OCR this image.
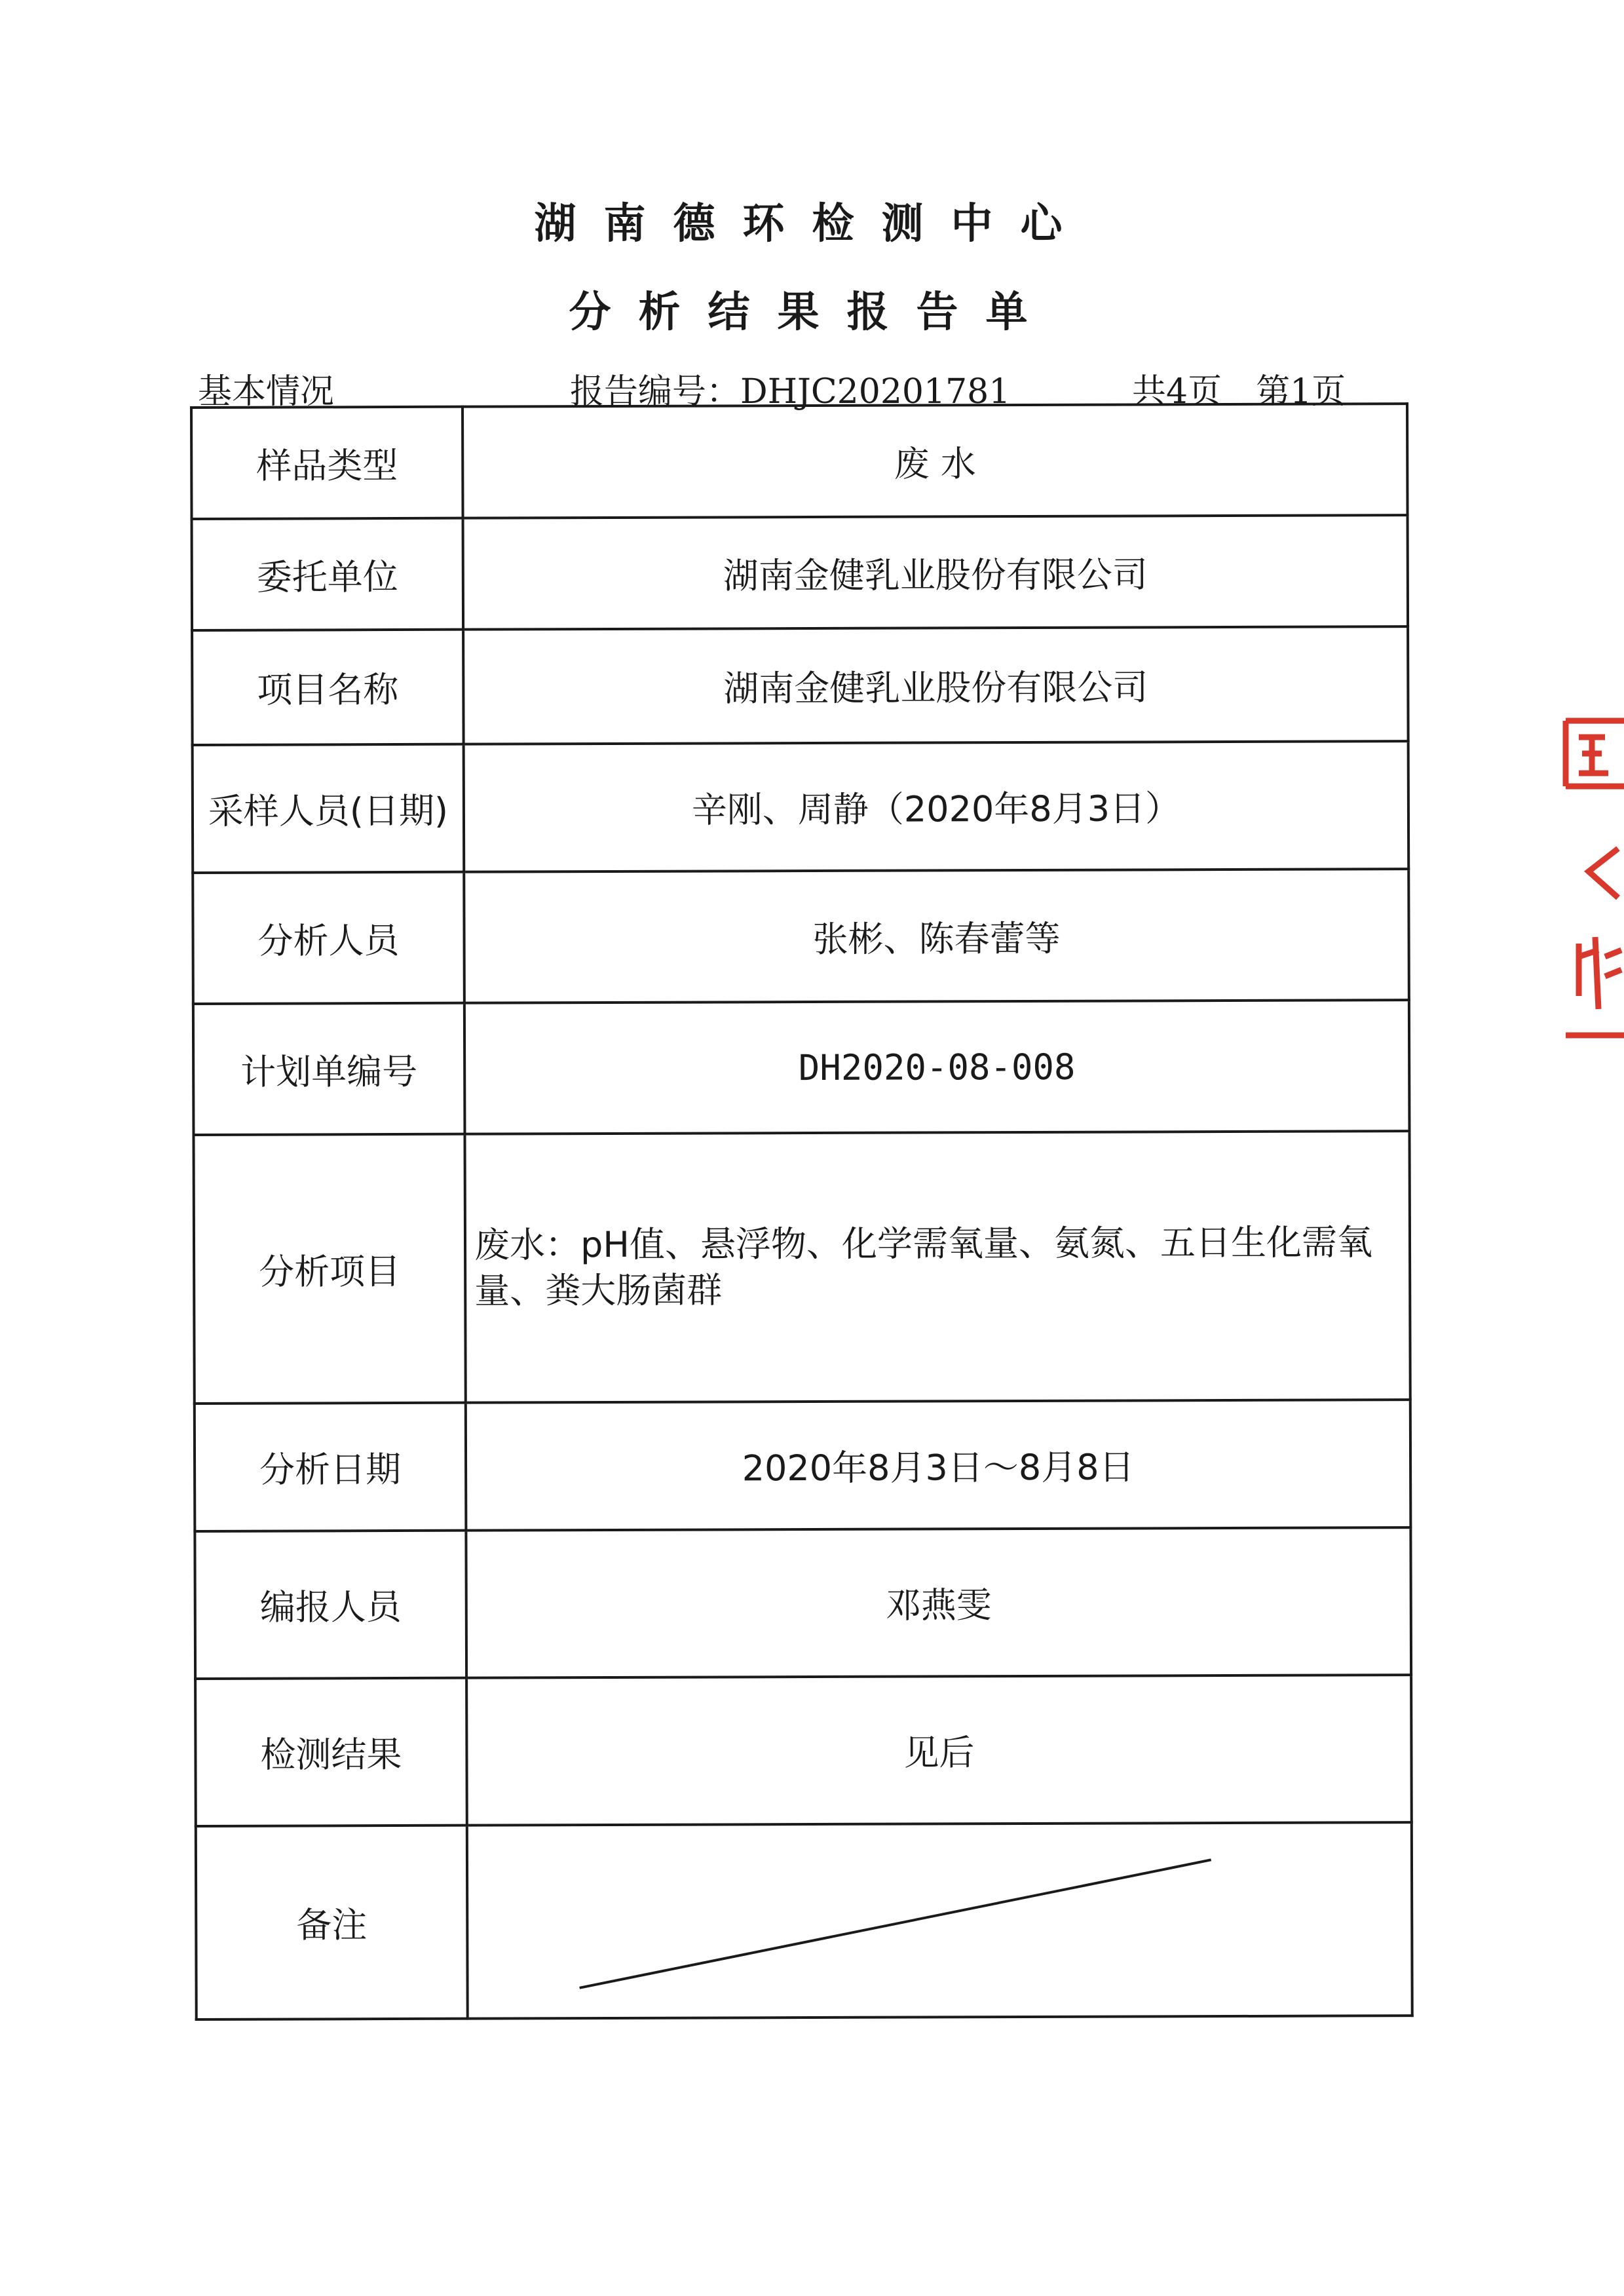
湖南德环检测中心
分析结果报告单
基本情况	报告编号：DHJC20201781	共4页　第1页
样品类型	废 水
委托单位	湖南金健乳业股份有限公司
项目名称	湖南金健乳业股份有限公司
采样人员(日期)	辛刚、周静（2020年8月3日）
分析人员	张彬、陈春蕾等
计划单编号	DH2020-08-008
分析项目	废水：pH值、悬浮物、化学需氧量、氨氮、五日生化需氧量、粪大肠菌群
分析日期	2020年8月3日～8月8日
编报人员	邓燕雯
检测结果	见后
备注	
